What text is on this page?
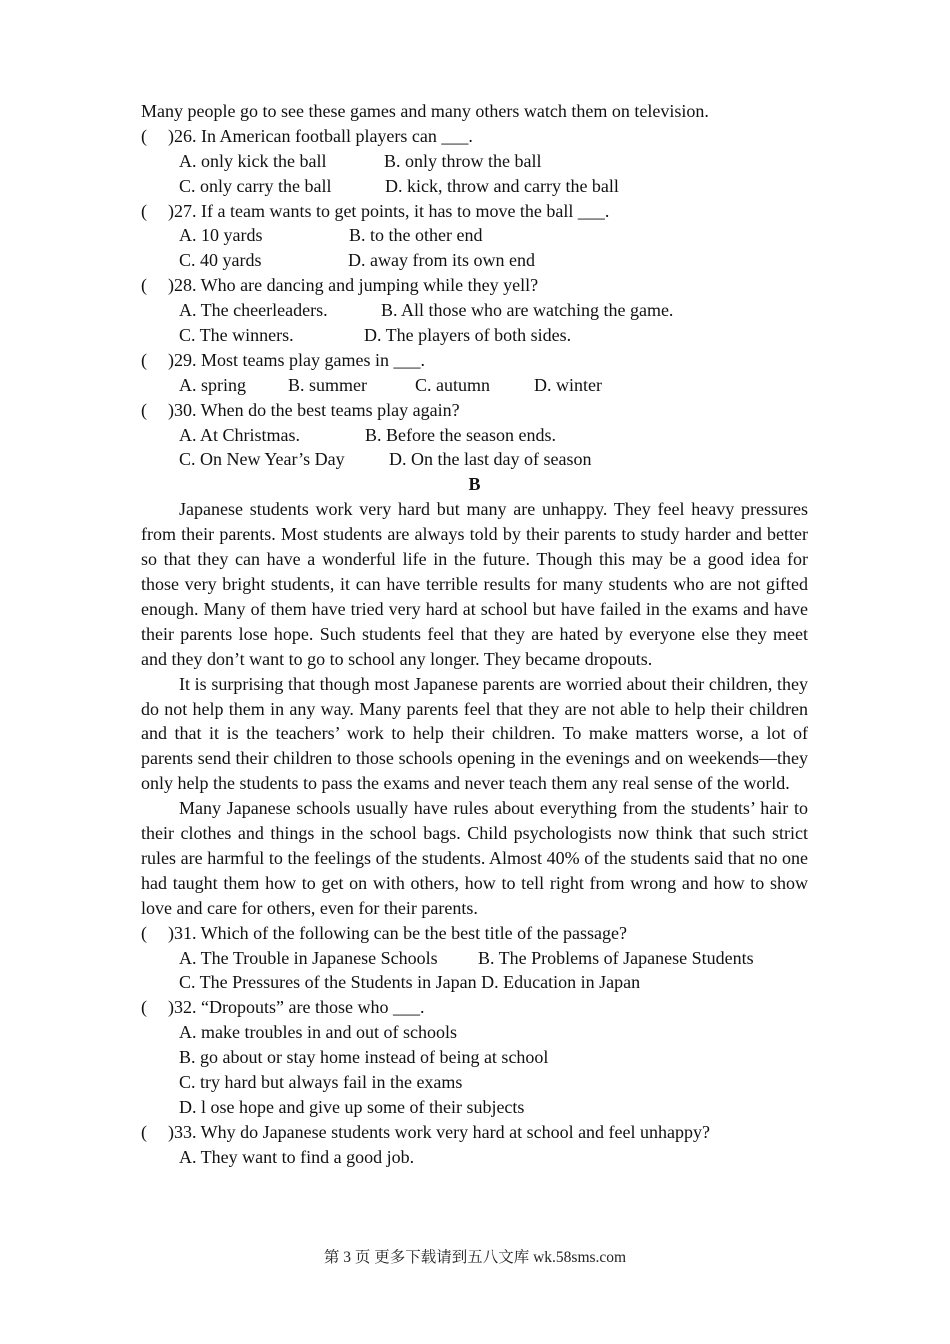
Many people go to see these games and many others watch them on television.
( )26. In American football players can ___.
A. only kick the ball	B. only throw the ball
C. only carry the ball	D. kick, throw and carry the ball
( )27. If a team wants to get points, it has to move the ball ___.
A. 10 yards	B. to the other end
C. 40 yards	D. away from its own end
( )28. Who are dancing and jumping while they yell?
A. The cheerleaders.	B. All those who are watching the game.
C. The winners.	D. The players of both sides.
( )29. Most teams play games in ___.
A. spring B. summer	C. autumn D. winter
( )30. When do the best teams play again?
A. At Christmas.	B. Before the season ends.
C. On New Year’s Day D. On the last day of season
B

Japanese students work very hard but many are unhappy. They feel heavy pressures from their parents. Most students are always told by their parents to study harder and better so that they can have a wonderful life in the future. Though this may be a good idea for those very bright students, it can have terrible results for many students who are not gifted enough. Many of them have tried very hard at school but have failed in the exams and have their parents lose hope. Such students feel that they are hated by everyone else they meet and they don’t want to go to school any longer. They became dropouts.

It is surprising that though most Japanese parents are worried about their children, they do not help them in any way. Many parents feel that they are not able to help their children and that it is the teachers’ work to help their children. To make matters worse, a lot of parents send their children to those schools opening in the evenings and on weekends—they only help the students to pass the exams and never teach them any real sense of the world.

Many Japanese schools usually have rules about everything from the students’ hair to their clothes and things in the school bags. Child psychologists now think that such strict rules are harmful to the feelings of the students. Almost 40% of the students said that no one had taught them how to get on with others, how to tell right from wrong and how to show love and care for others, even for their parents.

( )31. Which of the following can be the best title of the passage?
A. The Trouble in Japanese Schools B. The Problems of Japanese Students
C. The Pressures of the Students in Japan D. Education in Japan
( )32. “Dropouts” are those who ___.
A. make troubles in and out of schools
B. go about or stay home instead of being at school
C. try hard but always fail in the exams
D. l ose hope and give up some of their subjects
( )33. Why do Japanese students work very hard at school and feel unhappy?
A. They want to find a good job.
第 3 页 更多下载请到五八文库 wk.58sms.com
